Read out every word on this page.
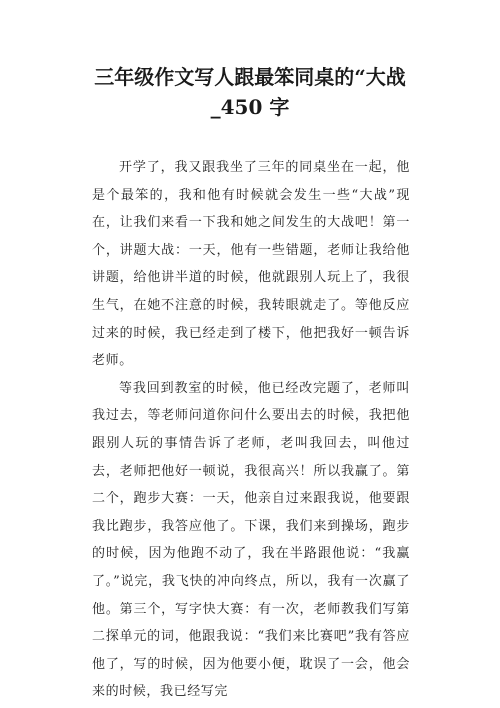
三年级作文写人跟最笨同桌的“大战
_450 字

开学了，我又跟我坐了三年的同桌坐在一起，他是个最笨的，我和他有时候就会发生一些“大战”现在，让我们来看一下我和她之间发生的大战吧！第一个，讲题大战：一天，他有一些错题，老师让我给他讲题，给他讲半道的时候，他就跟别人玩上了，我很生气，在她不注意的时候，我转眼就走了。等他反应过来的时候，我已经走到了楼下，他把我好一顿告诉老师。

等我回到教室的时候，他已经改完题了，老师叫我过去，等老师问道你问什么要出去的时候，我把他跟别人玩的事情告诉了老师，老叫我回去，叫他过去，老师把他好一顿说，我很高兴！所以我赢了。第二个，跑步大赛：一天，他亲自过来跟我说，他要跟我比跑步，我答应他了。下课，我们来到操场，跑步的时候，因为他跑不动了，我在半路跟他说：“我赢了。”说完，我飞快的冲向终点，所以，我有一次赢了他。第三个，写字快大赛：有一次，老师教我们写第二探单元的词，他跟我说：“我们来比赛吧”我有答应他了，写的时候，因为他要小便，耽误了一会，他会来的时候，我已经写完
